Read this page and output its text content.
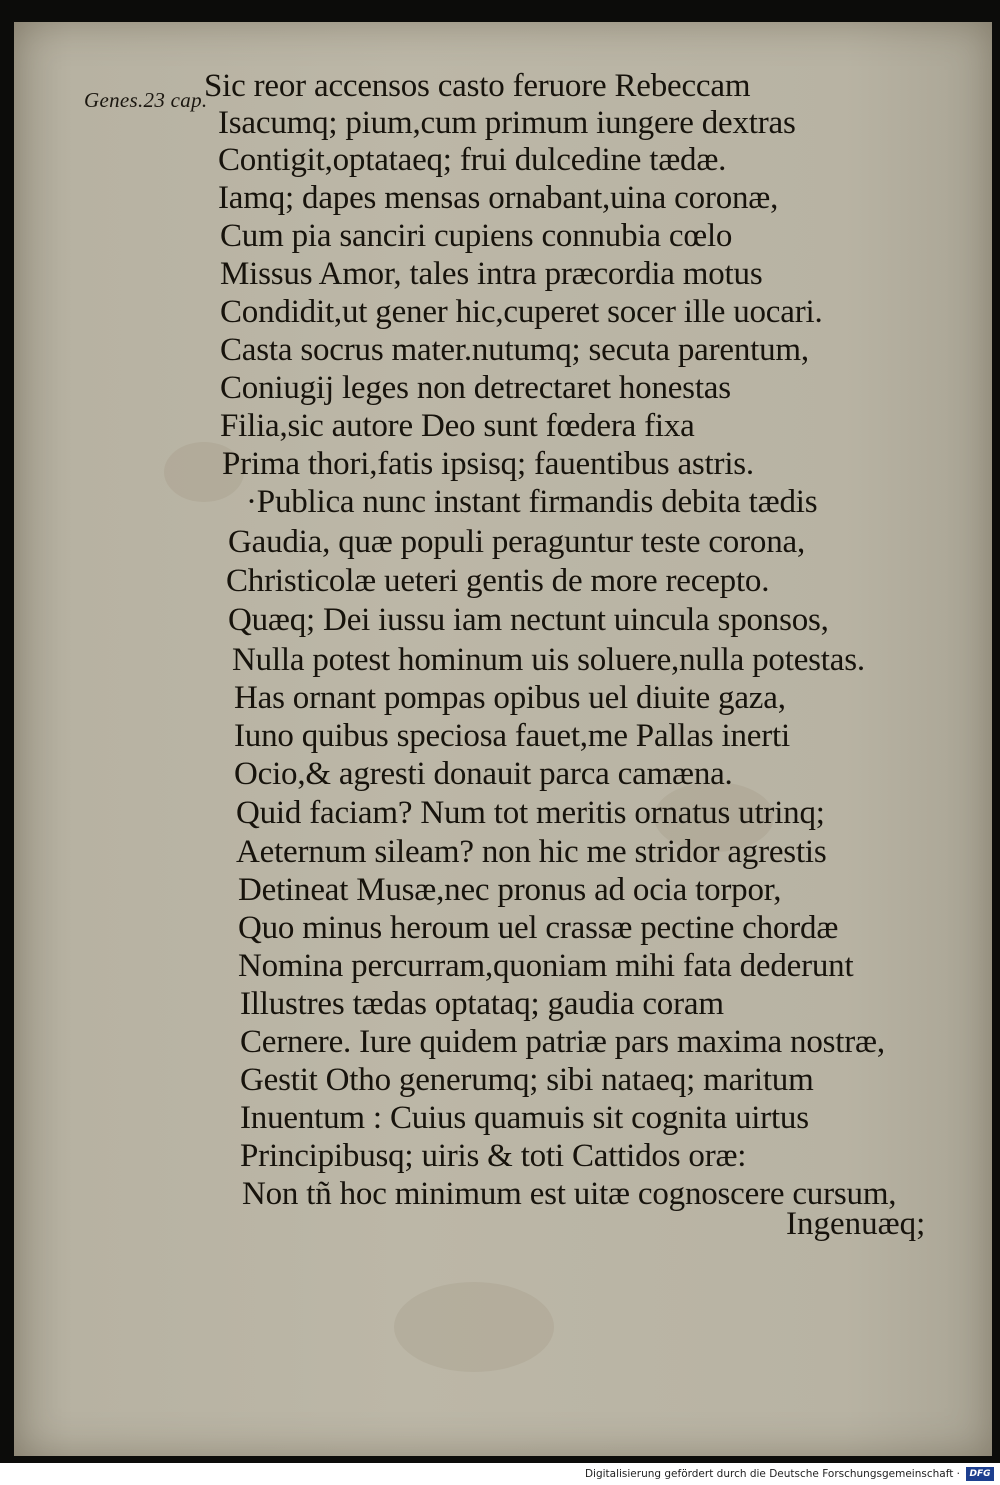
Genes.23 cap.
Sic reor accensos casto feruore Rebeccam
Isacumq; pium,cum primum iungere dextras
Contigit,optataeq; frui dulcedine tædæ.
Iamq; dapes mensas ornabant,uina coronæ,
Cum pia sanciri cupiens connubia cœlo
Missus Amor, tales intra præcordia motus
Condidit,ut gener hic,cuperet socer ille uocari.
Casta socrus mater.nutumq; secuta parentum,
Coniugij leges non detrectaret honestas
Filia,sic autore Deo sunt fœdera fixa
Prima thori,fatis ipsisq; fauentibus astris.
·Publica nunc instant firmandis debita tædis
Gaudia, quæ populi peraguntur teste corona,
Christicolæ ueteri gentis de more recepto.
Quæq; Dei iussu iam nectunt uincula sponsos,
Nulla potest hominum uis soluere,nulla potestas.
Has ornant pompas opibus uel diuite gaza,
Iuno quibus speciosa fauet,me Pallas inerti
Ocio,& agresti donauit parca camæna.
Quid faciam? Num tot meritis ornatus utrinq;
Aeternum sileam? non hic me stridor agrestis
Detineat Musæ,nec pronus ad ocia torpor,
Quo minus heroum uel crassæ pectine chordæ
Nomina percurram,quoniam mihi fata dederunt
Illustres tædas optataq; gaudia coram
Cernere. Iure quidem patriæ pars maxima nostræ,
Gestit Otho generumq; sibi nataeq; maritum
Inuentum : Cuius quamuis sit cognita uirtus
Principibusq; uiris & toti Cattidos oræ:
Non tñ hoc minimum est uitæ cognoscere cursum,
Ingenuæq;
Digitalisierung gefördert durch die Deutsche Forschungsgemeinschaft ·	DFG
